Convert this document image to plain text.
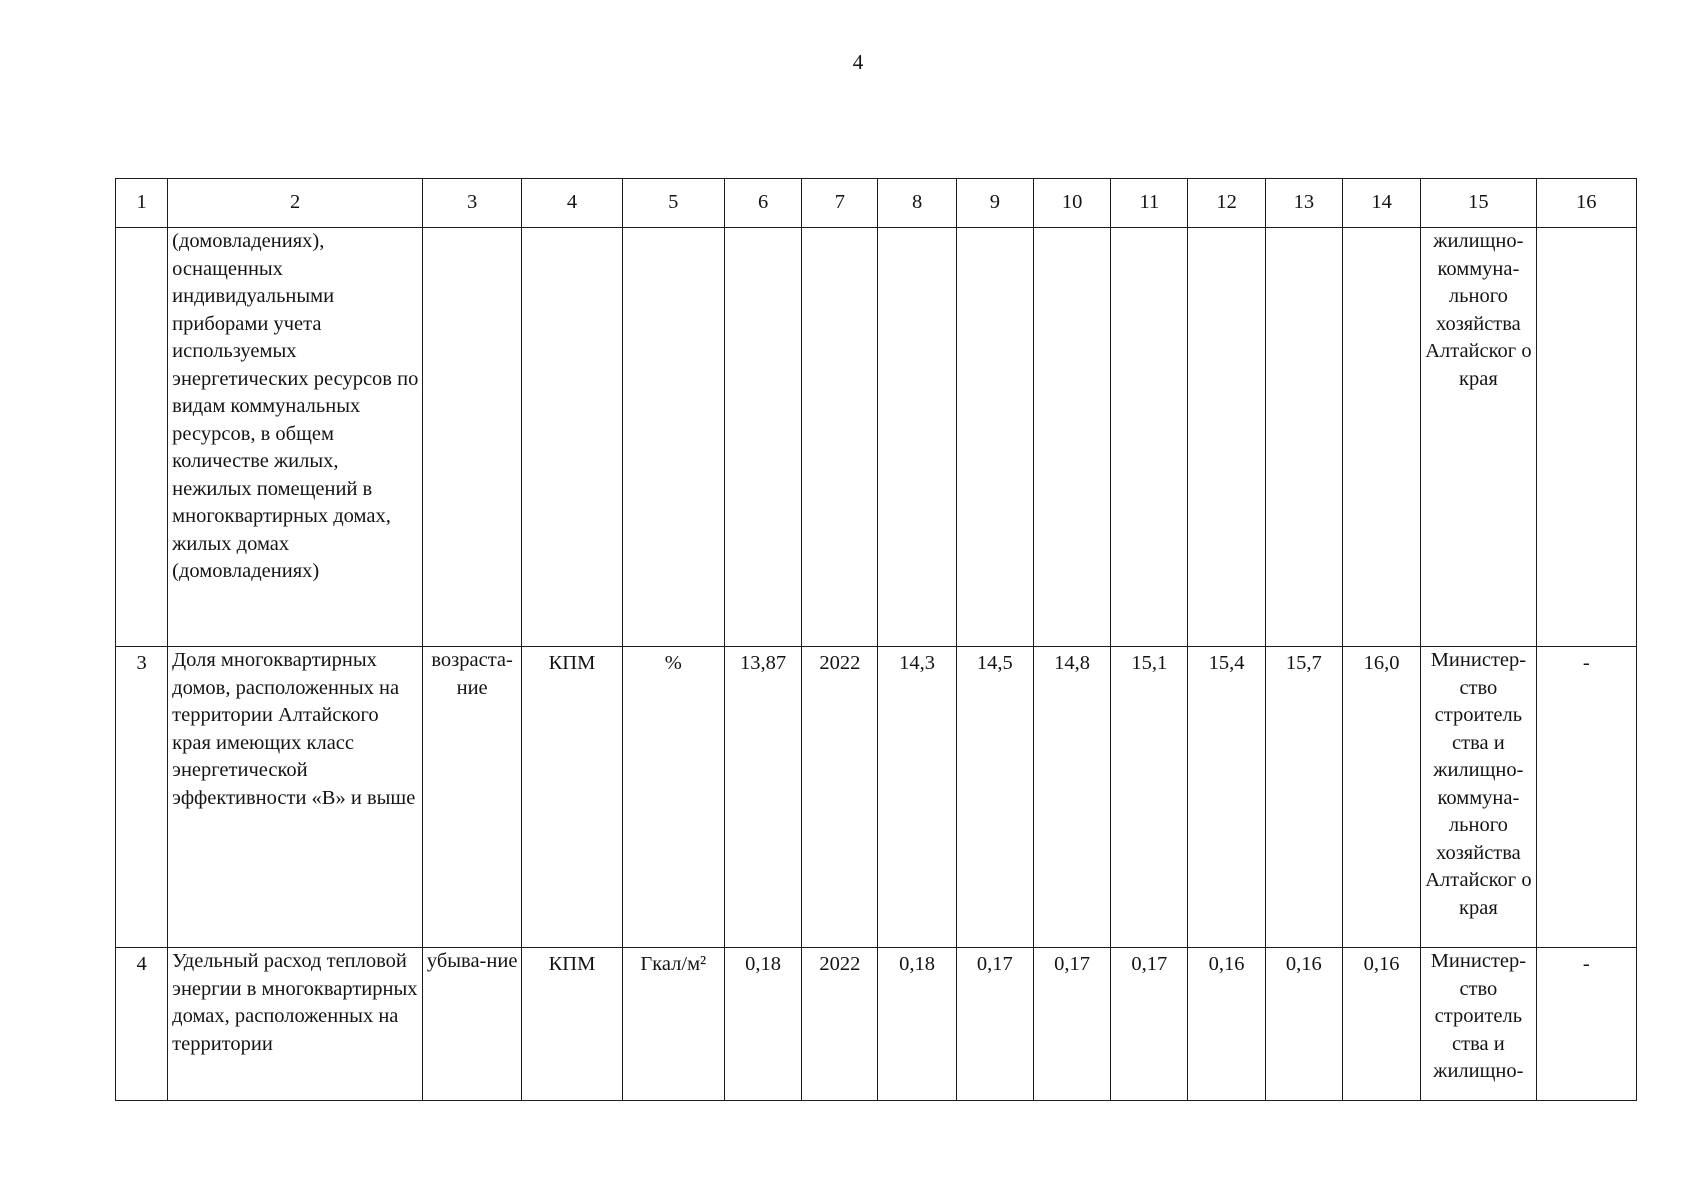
4
1	2	3	4	5	6	7	8	9	10	11	12	13	14	15	16

	(домовладениях), оснащенных индивидуальными приборами учета используемых энергетических ресурсов по видам коммунальных ресурсов, в общем количестве жилых, нежилых помещений в многоквартирных домах, жилых домах (домовладениях)													жилищно-коммуна-льного хозяйства Алтайског о края	

3	Доля многоквартирных домов, расположенных на территории Алтайского края имеющих класс энергетической эффективности «B» и выше	возраста-ние	КПМ	%	13,87	2022	14,3	14,5	14,8	15,1	15,4	15,7	16,0	Министер-ство строитель ства и жилищно-коммуна-льного хозяйства Алтайског о края	-

4	Удельный расход тепловой энергии в многоквартирных домах, расположенных на территории	убыва-ние	КПМ	Гкал/м²	0,18	2022	0,18	0,17	0,17	0,17	0,16	0,16	0,16	Министер-ство строитель ства и жилищно-	-
